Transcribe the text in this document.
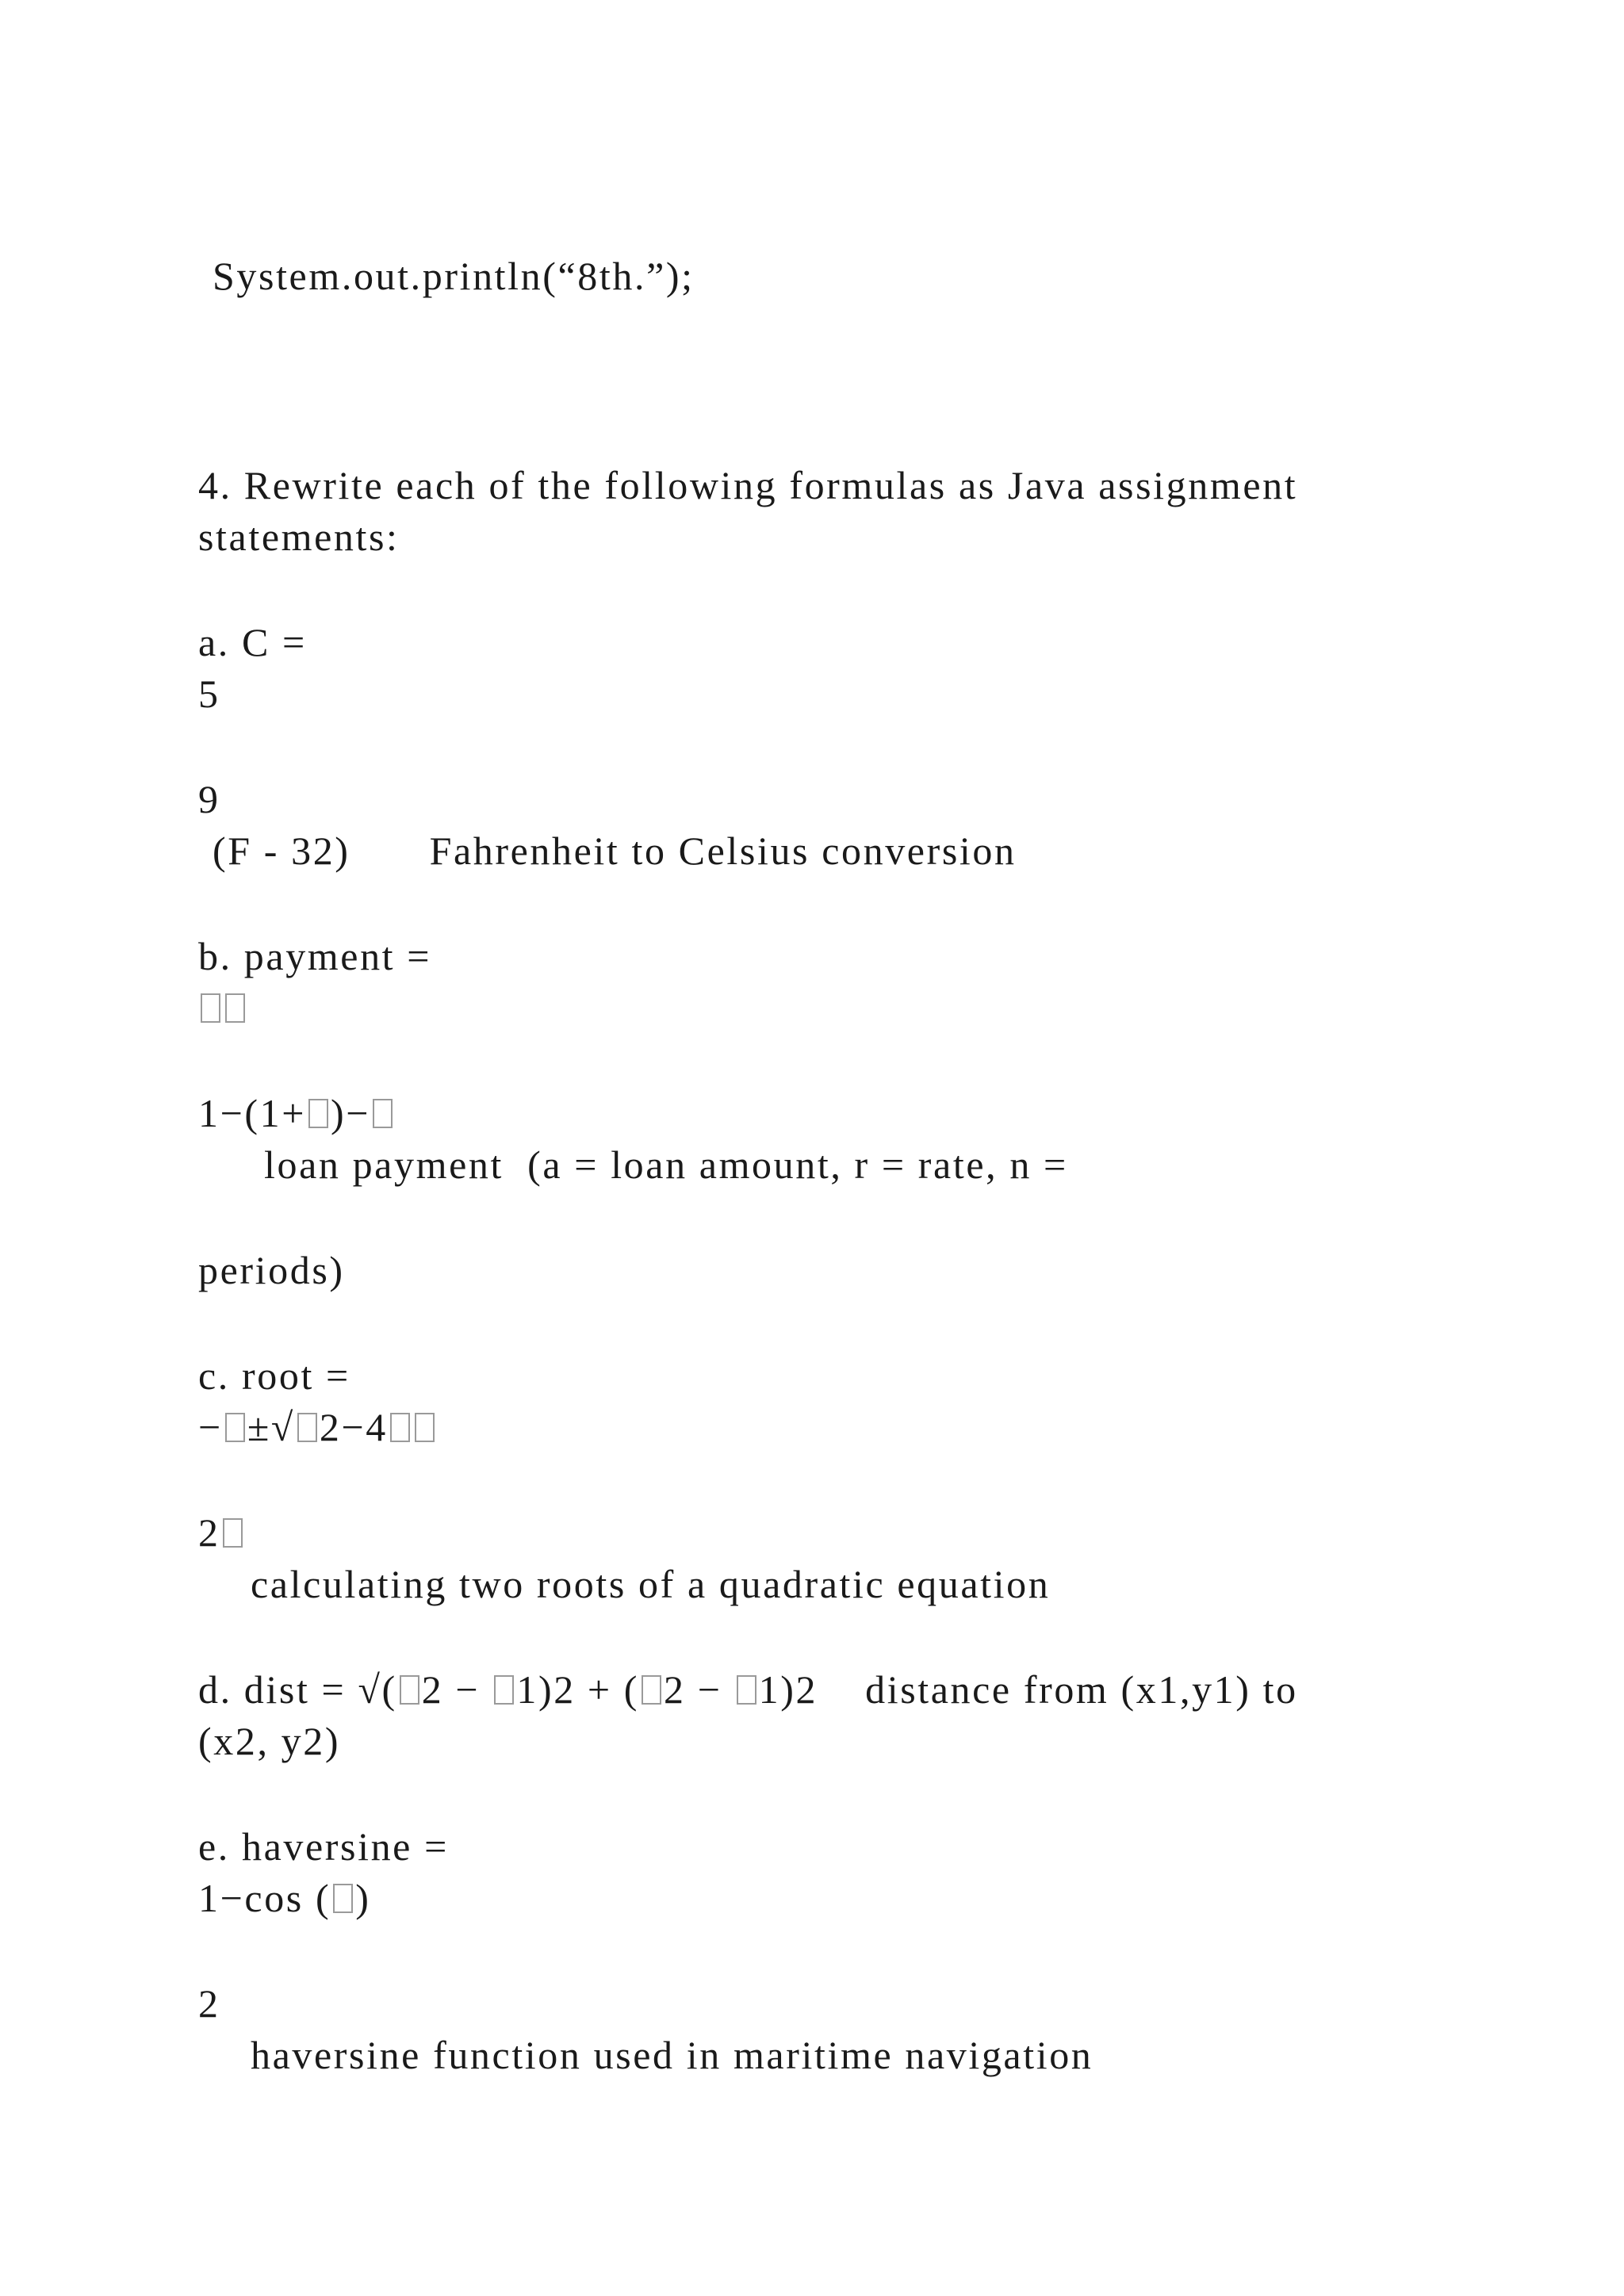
System.out.println(“8th.”);
4. Rewrite each of the following formulas as Java assignment
statements:
a. C =
5
9
(F - 32) Fahrenheit to Celsius conversion
b. payment =
1−(1+ )−
loan payment  (a = loan amount, r = rate, n =
periods)
c. root =
− ±√ 2−4
2
calculating two roots of a quadratic equation
d. dist = √( 2 − 1)2 + ( 2 − 1)2 distance from (x1,y1) to
(x2, y2)
e. haversine =
1−cos ( )
2
haversine function used in maritime navigation
